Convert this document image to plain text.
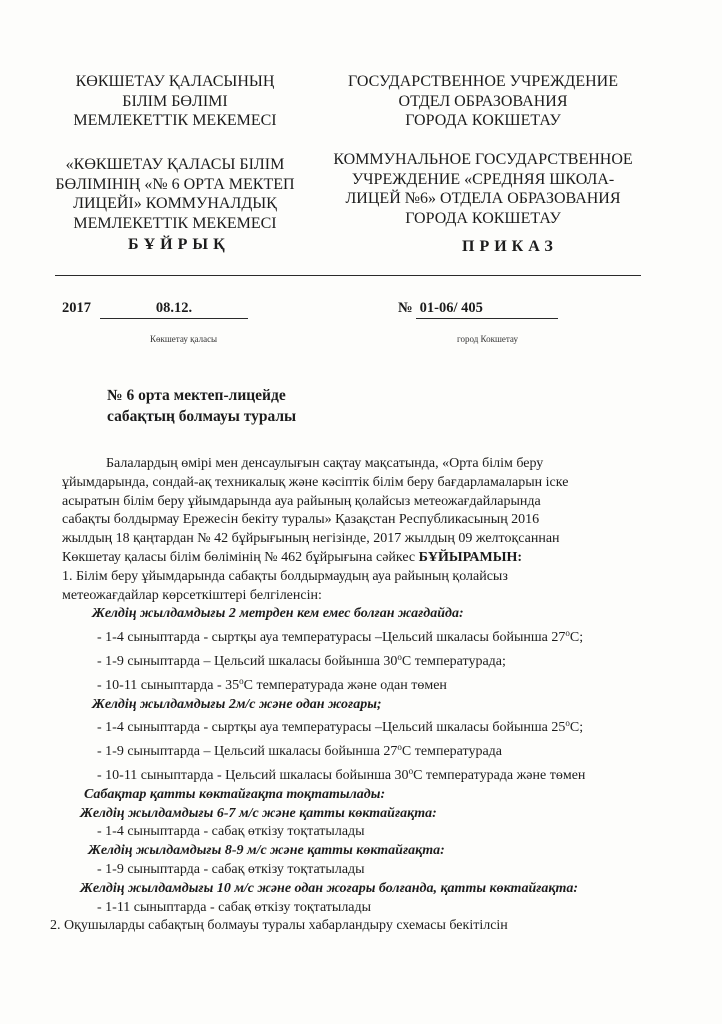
КӨКШЕТАУ ҚАЛАСЫНЫҢ
БІЛІМ БӨЛІМІ
МЕМЛЕКЕТТІК МЕКЕМЕСІ
«КӨКШЕТАУ ҚАЛАСЫ БІЛІМ
БӨЛІМІНІҢ «№ 6 ОРТА МЕКТЕП
ЛИЦЕЙІ» КОММУНАЛДЫҚ
МЕМЛЕКЕТТІК МЕКЕМЕСІ
ГОСУДАРСТВЕННОЕ УЧРЕЖДЕНИЕ
ОТДЕЛ ОБРАЗОВАНИЯ
ГОРОДА КОКШЕТАУ
КОММУНАЛЬНОЕ ГОСУДАРСТВЕННОЕ
УЧРЕЖДЕНИЕ «СРЕДНЯЯ ШКОЛА-
ЛИЦЕЙ №6» ОТДЕЛА ОБРАЗОВАНИЯ
ГОРОДА КОКШЕТАУ
БҰЙРЫҚ	ПРИКАЗ
2017	08.12.	№ 01-06/ 405
Көкшетау қаласы	город Кокшетау
№ 6 орта мектеп-лицейде
сабақтың болмауы туралы
Балалардың өмірі мен денсаулығын сақтау мақсатында, «Орта білім беру
ұйымдарында, сондай-ақ техникалық және кәсіптік білім беру бағдарламаларын іске
асыратын білім беру ұйымдарында ауа райының қолайсыз метеожағдайларында
сабақты болдырмау Ережесін бекіту туралы» Қазақстан Республикасының 2016
жылдың 18 қаңтардан № 42 бұйрығының негізінде, 2017 жылдың 09 желтоқсаннан
Көкшетау қаласы білім бөлімінің № 462 бұйрығына сәйкес БҰЙЫРАМЫН:
1. Білім беру ұйымдарында сабақты болдырмаудың ауа райының қолайсыз
метеожағдайлар көрсеткіштері белгіленсін:
Желдің жылдамдығы 2 метрден кем емес болған жағдайда:
- 1-4 сыныптарда - сыртқы ауа температурасы –Цельсий шкаласы бойынша $27^оС$;
- 1-9 сыныптарда – Цельсий шкаласы бойынша $30^оС$ температурада;
- 10-11 сыныптарда - $35^оС$ температурада және одан төмен
Желдің жылдамдығы 2м/с және одан жоғары;
- 1-4 сыныптарда - сыртқы ауа температурасы –Цельсий шкаласы бойынша $25^оС$;
- 1-9 сыныптарда – Цельсий шкаласы бойынша $27^оС$ температурада
- 10-11 сыныптарда - Цельсий шкаласы бойынша $30^оС$ температурада және төмен
Сабақтар қатты көктайғақта тоқтатылады:
Желдің жылдамдығы 6-7 м/с және қатты көктайғақта:
- 1-4 сыныптарда - сабақ өткізу тоқтатылады
Желдің жылдамдығы 8-9 м/с және қатты көктайғақта:
- 1-9 сыныптарда - сабақ өткізу тоқтатылады
Желдің жылдамдығы 10 м/с және одан жоғары болғанда, қатты көктайғақта:
- 1-11 сыныптарда - сабақ өткізу тоқтатылады
2. Оқушыларды сабақтың болмауы туралы хабарландыру схемасы бекітілсін
